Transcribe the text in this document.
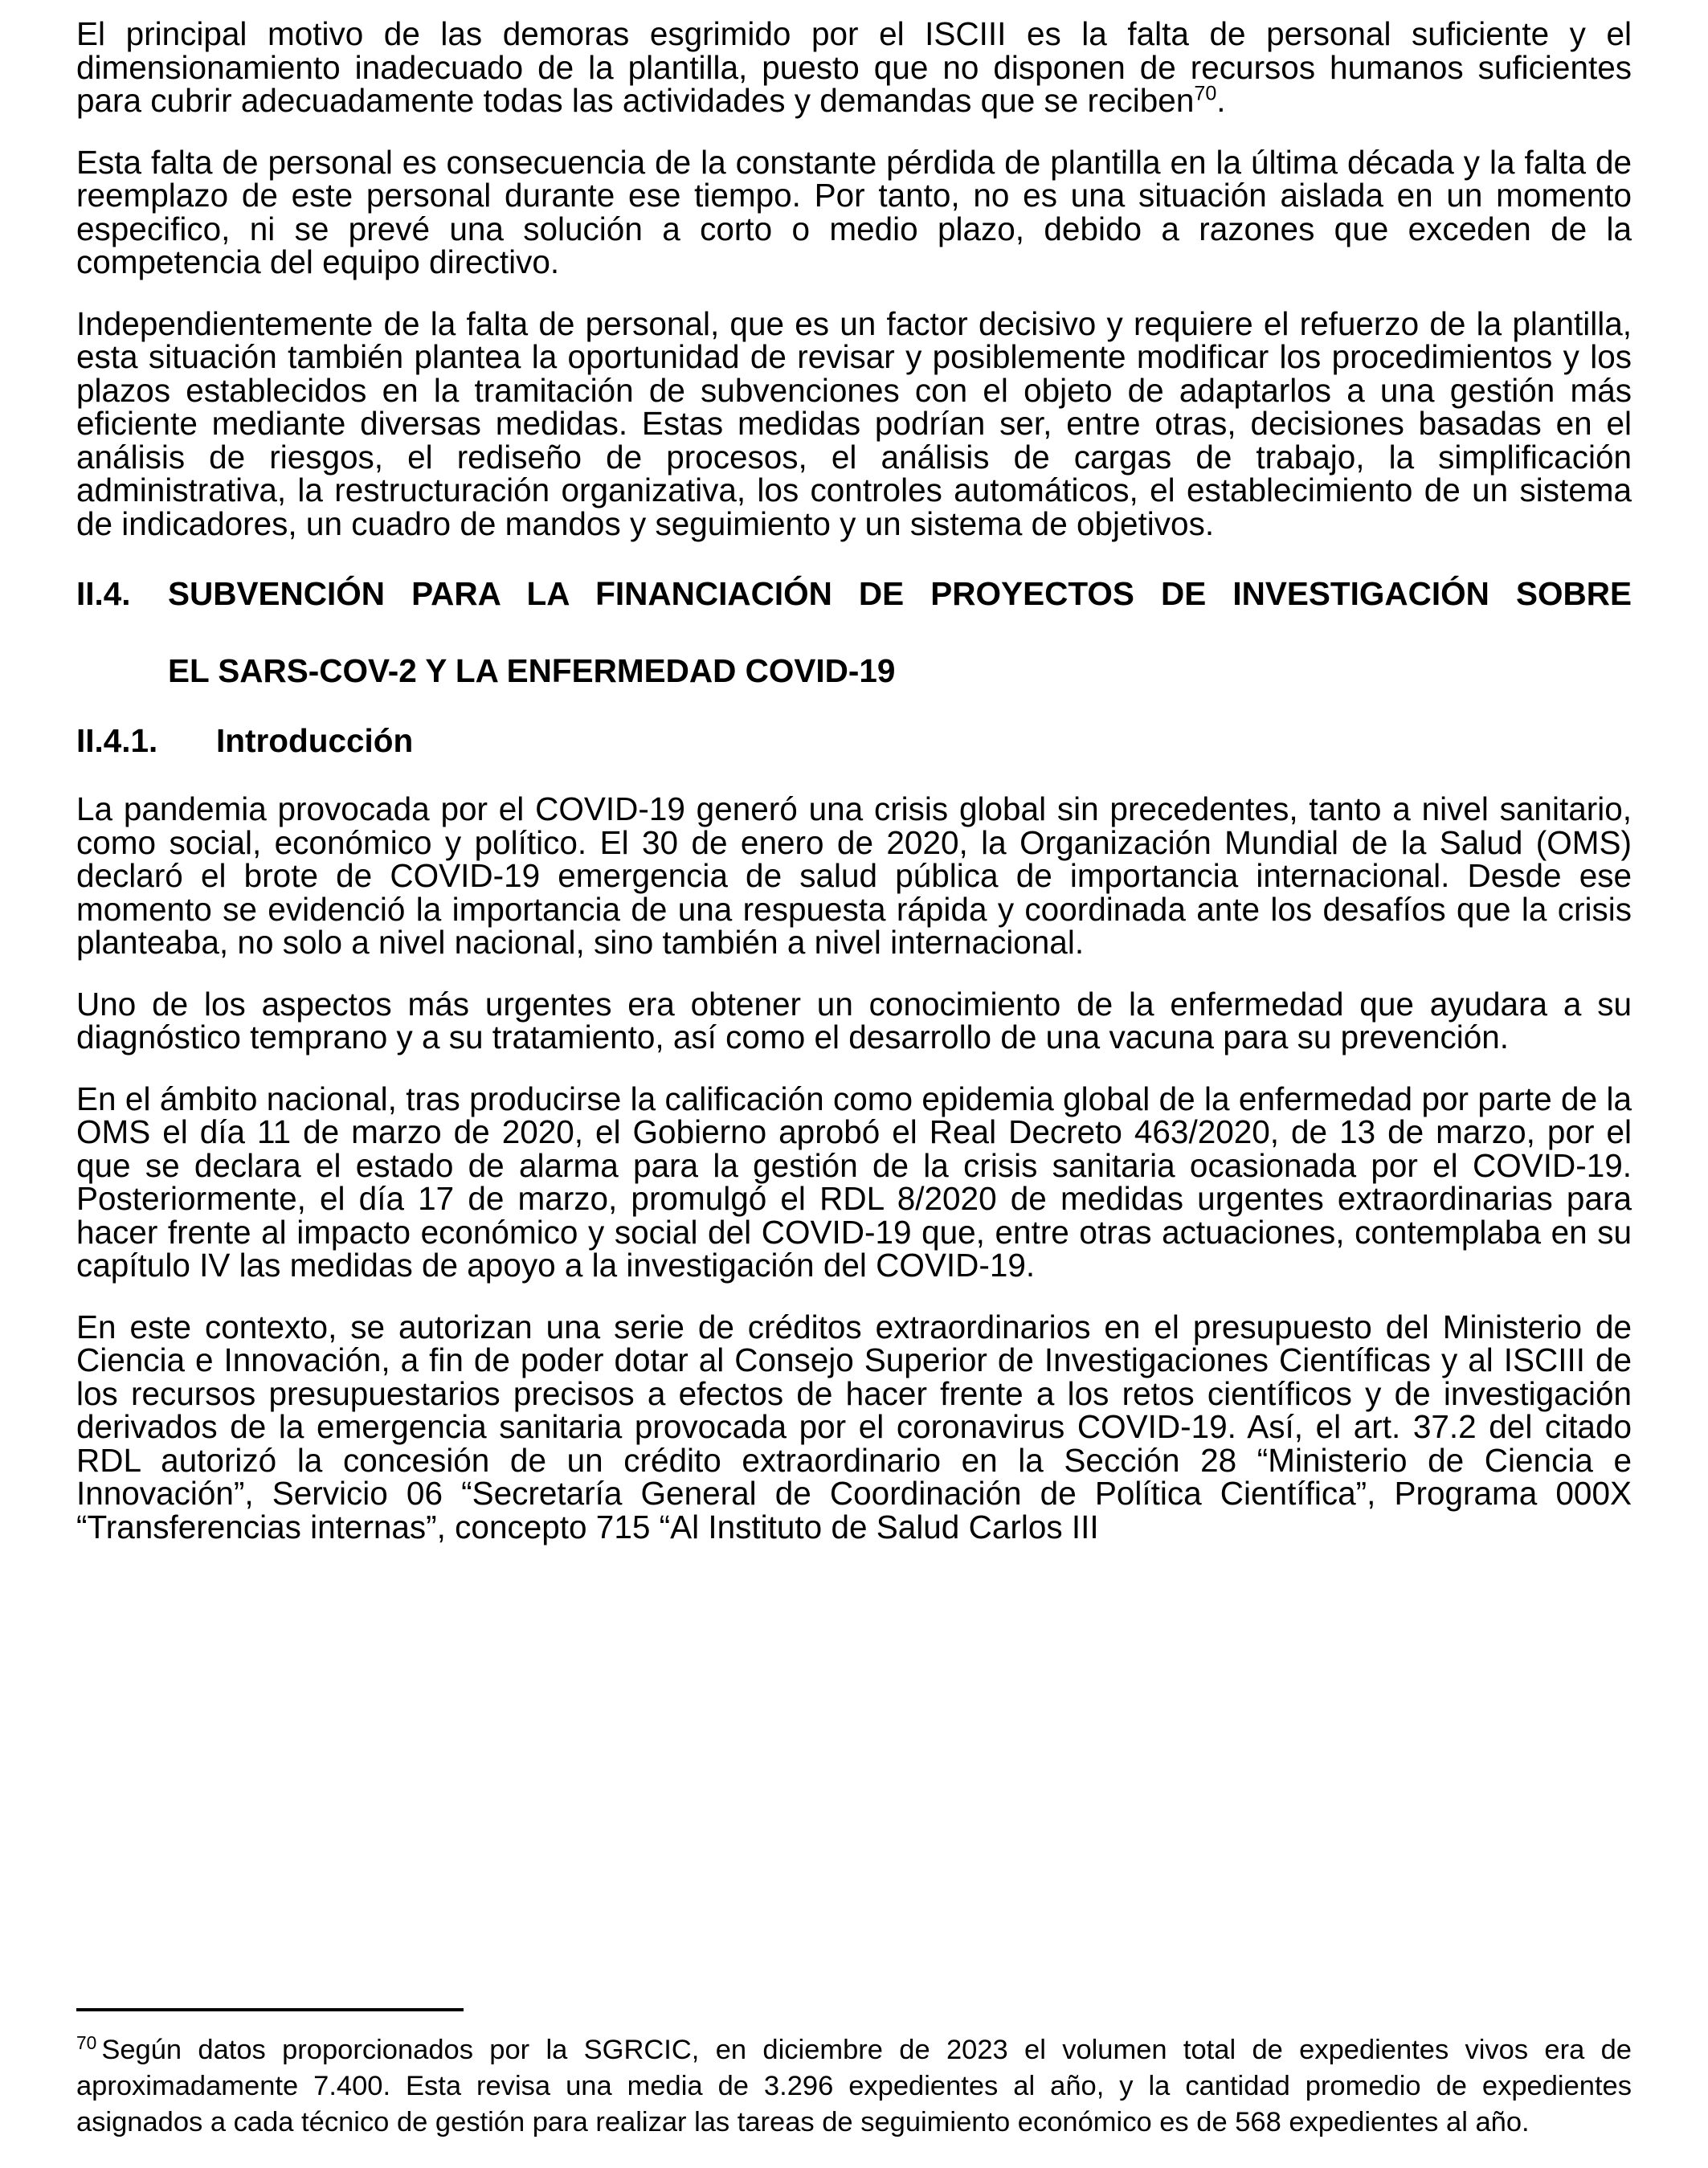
El principal motivo de las demoras esgrimido por el ISCIII es la falta de personal suficiente y el dimensionamiento inadecuado de la plantilla, puesto que no disponen de recursos humanos suficientes para cubrir adecuadamente todas las actividades y demandas que se reciben$^{70}$.

Esta falta de personal es consecuencia de la constante pérdida de plantilla en la última década y la falta de reemplazo de este personal durante ese tiempo. Por tanto, no es una situación aislada en un momento especifico, ni se prevé una solución a corto o medio plazo, debido a razones que exceden de la competencia del equipo directivo.

Independientemente de la falta de personal, que es un factor decisivo y requiere el refuerzo de la plantilla, esta situación también plantea la oportunidad de revisar y posiblemente modificar los procedimientos y los plazos establecidos en la tramitación de subvenciones con el objeto de adaptarlos a una gestión más eficiente mediante diversas medidas. Estas medidas podrían ser, entre otras, decisiones basadas en el análisis de riesgos, el rediseño de procesos, el análisis de cargas de trabajo, la simplificación administrativa, la restructuración organizativa, los controles automáticos, el establecimiento de un sistema de indicadores, un cuadro de mandos y seguimiento y un sistema de objetivos.

II.4.	SUBVENCIÓN PARA LA FINANCIACIÓN DE PROYECTOS DE INVESTIGACIÓN SOBRE
EL SARS-COV-2 Y LA ENFERMEDAD COVID-19
II.4.1.	Introducción

La pandemia provocada por el COVID-19 generó una crisis global sin precedentes, tanto a nivel sanitario, como social, económico y político. El 30 de enero de 2020, la Organización Mundial de la Salud (OMS) declaró el brote de COVID-19 emergencia de salud pública de importancia internacional. Desde ese momento se evidenció la importancia de una respuesta rápida y coordinada ante los desafíos que la crisis planteaba, no solo a nivel nacional, sino también a nivel internacional.

Uno de los aspectos más urgentes era obtener un conocimiento de la enfermedad que ayudara a su diagnóstico temprano y a su tratamiento, así como el desarrollo de una vacuna para su prevención.

En el ámbito nacional, tras producirse la calificación como epidemia global de la enfermedad por parte de la OMS el día 11 de marzo de 2020, el Gobierno aprobó el Real Decreto 463/2020, de 13 de marzo, por el que se declara el estado de alarma para la gestión de la crisis sanitaria ocasionada por el COVID-19. Posteriormente, el día 17 de marzo, promulgó el RDL 8/2020 de medidas urgentes extraordinarias para hacer frente al impacto económico y social del COVID-19 que, entre otras actuaciones, contemplaba en su capítulo IV las medidas de apoyo a la investigación del COVID-19.

En este contexto, se autorizan una serie de créditos extraordinarios en el presupuesto del Ministerio de Ciencia e Innovación, a fin de poder dotar al Consejo Superior de Investigaciones Científicas y al ISCIII de los recursos presupuestarios precisos a efectos de hacer frente a los retos científicos y de investigación derivados de la emergencia sanitaria provocada por el coronavirus COVID-19. Así, el art. 37.2 del citado RDL autorizó la concesión de un crédito extraordinario en la Sección 28 “Ministerio de Ciencia e Innovación”, Servicio 06 “Secretaría General de Coordinación de Política Científica”, Programa 000X “Transferencias internas”, concepto 715 “Al Instituto de Salud Carlos III

$^{70}$ Según datos proporcionados por la SGRCIC, en diciembre de 2023 el volumen total de expedientes vivos era de aproximadamente 7.400. Esta revisa una media de 3.296 expedientes al año, y la cantidad promedio de expedientes asignados a cada técnico de gestión para realizar las tareas de seguimiento económico es de 568 expedientes al año.
